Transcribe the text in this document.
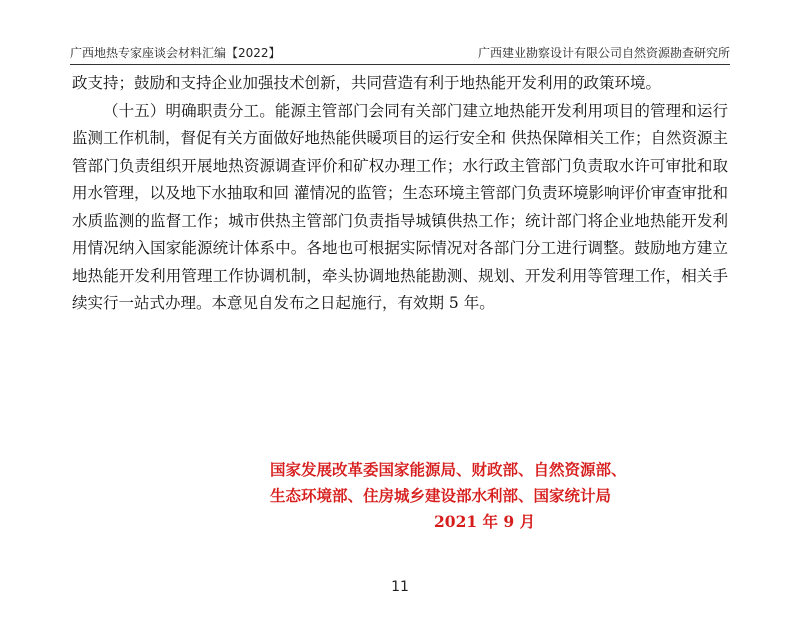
广西地热专家座谈会材料汇编【2022】	广西建业勘察设计有限公司自然资源勘查研究所

政支持；鼓励和支持企业加强技术创新，共同营造有利于地热能开发利用的政策环境。

（十五）明确职责分工。能源主管部门会同有关部门建立地热能开发利用项目的管理和运行监测工作机制，督促有关方面做好地热能供暖项目的运行安全和 供热保障相关工作；自然资源主管部门负责组织开展地热资源调查评价和矿权办理工作；水行政主管部门负责取水许可审批和取用水管理，以及地下水抽取和回 灌情况的监管；生态环境主管部门负责环境影响评价审查审批和水质监测的监督工作；城市供热主管部门负责指导城镇供热工作；统计部门将企业地热能开发利用情况纳入国家能源统计体系中。各地也可根据实际情况对各部门分工进行调整。鼓励地方建立地热能开发利用管理工作协调机制，牵头协调地热能勘测、规划、开发利用等管理工作，相关手续实行一站式办理。本意见自发布之日起施行，有效期 5 年。

国家发展改革委国家能源局、财政部、自然资源部、
生态环境部、住房城乡建设部水利部、国家统计局
2021 年 9 月
11
